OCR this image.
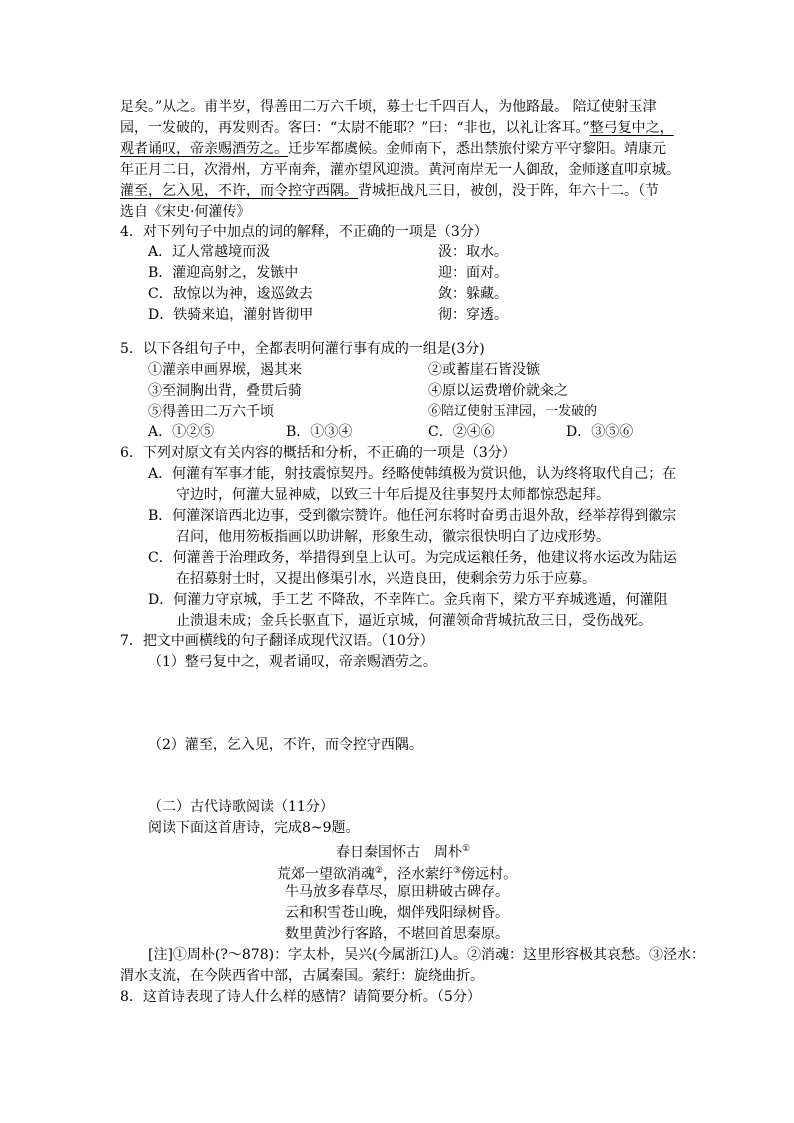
足矣。”从之。甫半岁，得善田二万六千顷，募士七千四百人，为他路最。 陪辽使射玉津
园，一发破的，再发则否。客曰：“太尉不能耶？”曰：“非也，以礼让客耳。”整弓复中之，
观者诵叹，帝亲赐酒劳之。迁步军都虞候。金师南下，悉出禁旅付梁方平守黎阳。靖康元
年正月二日，次滑州，方平南奔，灌亦望风迎溃。黄河南岸无一人御敌，金师遂直叩京城。
灌至，乞入见，不许，而令控守西隅。背城拒战凡三日，被创，没于阵，年六十二。（节
选自《宋史·何灌传》
4．对下列句子中加点的词的解释，不正确的一项是（3分）
A．辽人常越境而汲	汲：取水。
B．灌迎高射之，发镞中	迎：面对。
C．敌惊以为神，逡巡敛去	敛：躲藏。
D．铁骑来追，灌射皆彻甲	彻：穿透。
5．以下各组句子中，全都表明何灌行事有成的一组是(3分)
①灌亲申画界堠，遏其来	②或蓄崖石皆没镞
③至洞胸出背，叠贯后骑	④原以运费增价就籴之
⑤得善田二万六千顷	⑥陪辽使射玉津园，一发破的
A．①②⑤	B．①③④	C．②④⑥	D．③⑤⑥
6．下列对原文有关内容的概括和分析，不正确的一项是（3分）
A．何灌有军事才能，射技震惊契丹。经略使韩缜极为赏识他，认为终将取代自己；在
守边时，何灌大显神威，以致三十年后提及往事契丹太师都惊恐起拜。
B．何灌深谙西北边事，受到徽宗赞许。他任河东将时奋勇击退外敌，经举荐得到徽宗
召问，他用笏板指画以助讲解，形象生动，徽宗很快明白了边戍形势。
C．何灌善于治理政务，举措得到皇上认可。为完成运粮任务，他建议将水运改为陆运
在招募射士时，又提出修渠引水，兴造良田，使剩余劳力乐于应募。
D．何灌力守京城，手工艺 不降敌，不幸阵亡。金兵南下，梁方平弃城逃遁，何灌阻
止溃退未成；金兵长驱直下，逼近京城，何灌领命背城抗敌三日，受伤战死。
7．把文中画横线的句子翻译成现代汉语。（10分）
（1）整弓复中之，观者诵叹，帝亲赐酒劳之。
（2）灌至，乞入见，不许，而令控守西隅。
（二）古代诗歌阅读（11分）
阅读下面这首唐诗，完成8~9题。
春日秦国怀古　周朴①
荒郊一望欲消魂②，泾水萦纡③傍远村。
牛马放多春草尽，原田耕破古碑存。
云和积雪苍山晚，烟伴残阳绿树昏。
数里黄沙行客路，不堪回首思秦原。
[注]①周朴(?～878)：字太朴，吴兴(今属浙江)人。②消魂：这里形容极其哀愁。③泾水：
渭水支流，在今陕西省中部，古属秦国。萦纡：旋绕曲折。
8．这首诗表现了诗人什么样的感情？请简要分析。（5分）
